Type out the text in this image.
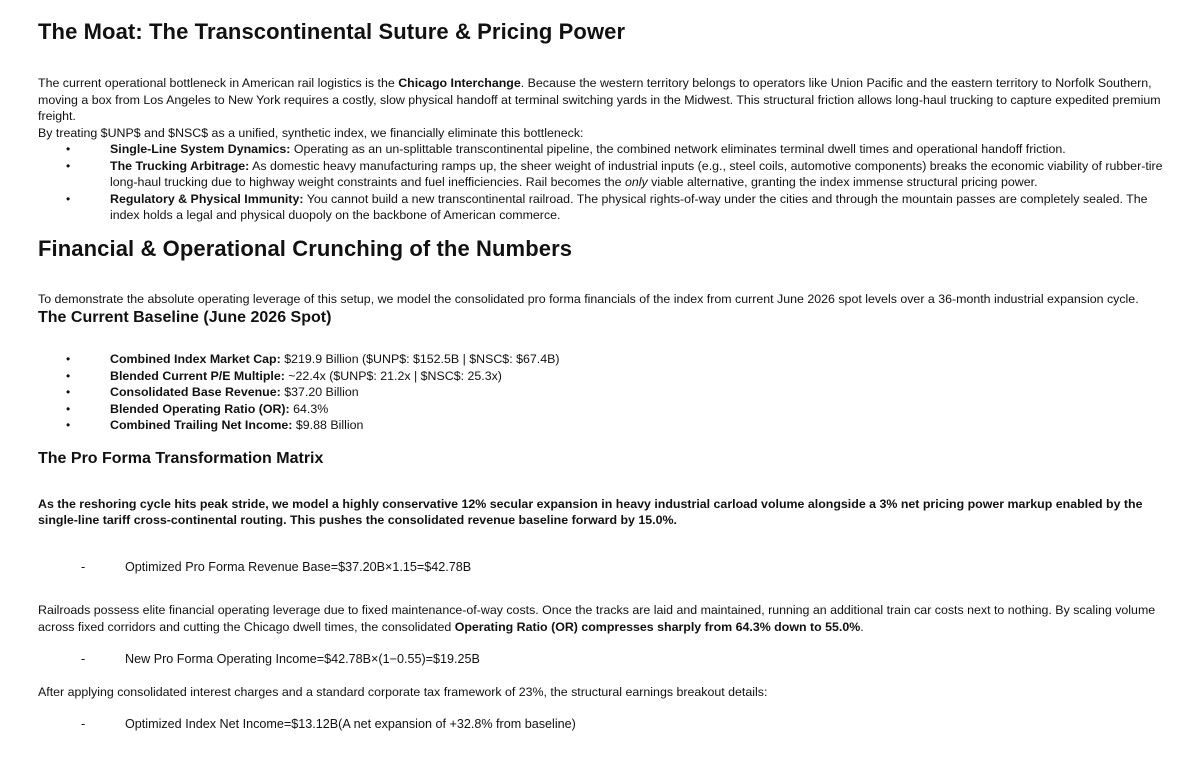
The Moat: The Transcontinental Suture & Pricing Power

The current operational bottleneck in American rail logistics is the Chicago Interchange. Because the western territory belongs to operators like Union Pacific and the eastern territory to Norfolk Southern, moving a box from Los Angeles to New York requires a costly, slow physical handoff at terminal switching yards in the Midwest. This structural friction allows long-haul trucking to capture expedited premium freight.

By treating $UNP$ and $NSC$ as a unified, synthetic index, we financially eliminate this bottleneck:

• Single-Line System Dynamics: Operating as an un-splittable transcontinental pipeline, the combined network eliminates terminal dwell times and operational handoff friction.
• The Trucking Arbitrage: As domestic heavy manufacturing ramps up, the sheer weight of industrial inputs (e.g., steel coils, automotive components) breaks the economic viability of rubber-tire long-haul trucking due to highway weight constraints and fuel inefficiencies. Rail becomes the only viable alternative, granting the index immense structural pricing power.
• Regulatory & Physical Immunity: You cannot build a new transcontinental railroad. The physical rights-of-way under the cities and through the mountain passes are completely sealed. The index holds a legal and physical duopoly on the backbone of American commerce.
Financial & Operational Crunching of the Numbers

To demonstrate the absolute operating leverage of this setup, we model the consolidated pro forma financials of the index from current June 2026 spot levels over a 36-month industrial expansion cycle.

The Current Baseline (June 2026 Spot)
• Combined Index Market Cap: $219.9 Billion ($UNP$: $152.5B | $NSC$: $67.4B)
• Blended Current P/E Multiple: ~22.4x ($UNP$: 21.2x | $NSC$: 25.3x)
• Consolidated Base Revenue: $37.20 Billion
• Blended Operating Ratio (OR): 64.3%
• Combined Trailing Net Income: $9.88 Billion
The Pro Forma Transformation Matrix

As the reshoring cycle hits peak stride, we model a highly conservative 12% secular expansion in heavy industrial carload volume alongside a 3% net pricing power markup enabled by the single-line tariff cross-continental routing. This pushes the consolidated revenue baseline forward by 15.0%.

- Optimized Pro Forma Revenue Base=$37.20B×1.15=$42.78B

Railroads possess elite financial operating leverage due to fixed maintenance-of-way costs. Once the tracks are laid and maintained, running an additional train car costs next to nothing. By scaling volume across fixed corridors and cutting the Chicago dwell times, the consolidated Operating Ratio (OR) compresses sharply from 64.3% down to 55.0%.

- New Pro Forma Operating Income=$42.78B×(1−0.55)=$19.25B

After applying consolidated interest charges and a standard corporate tax framework of 23%, the structural earnings breakout details:

- Optimized Index Net Income=$13.12B(A net expansion of +32.8% from baseline)
